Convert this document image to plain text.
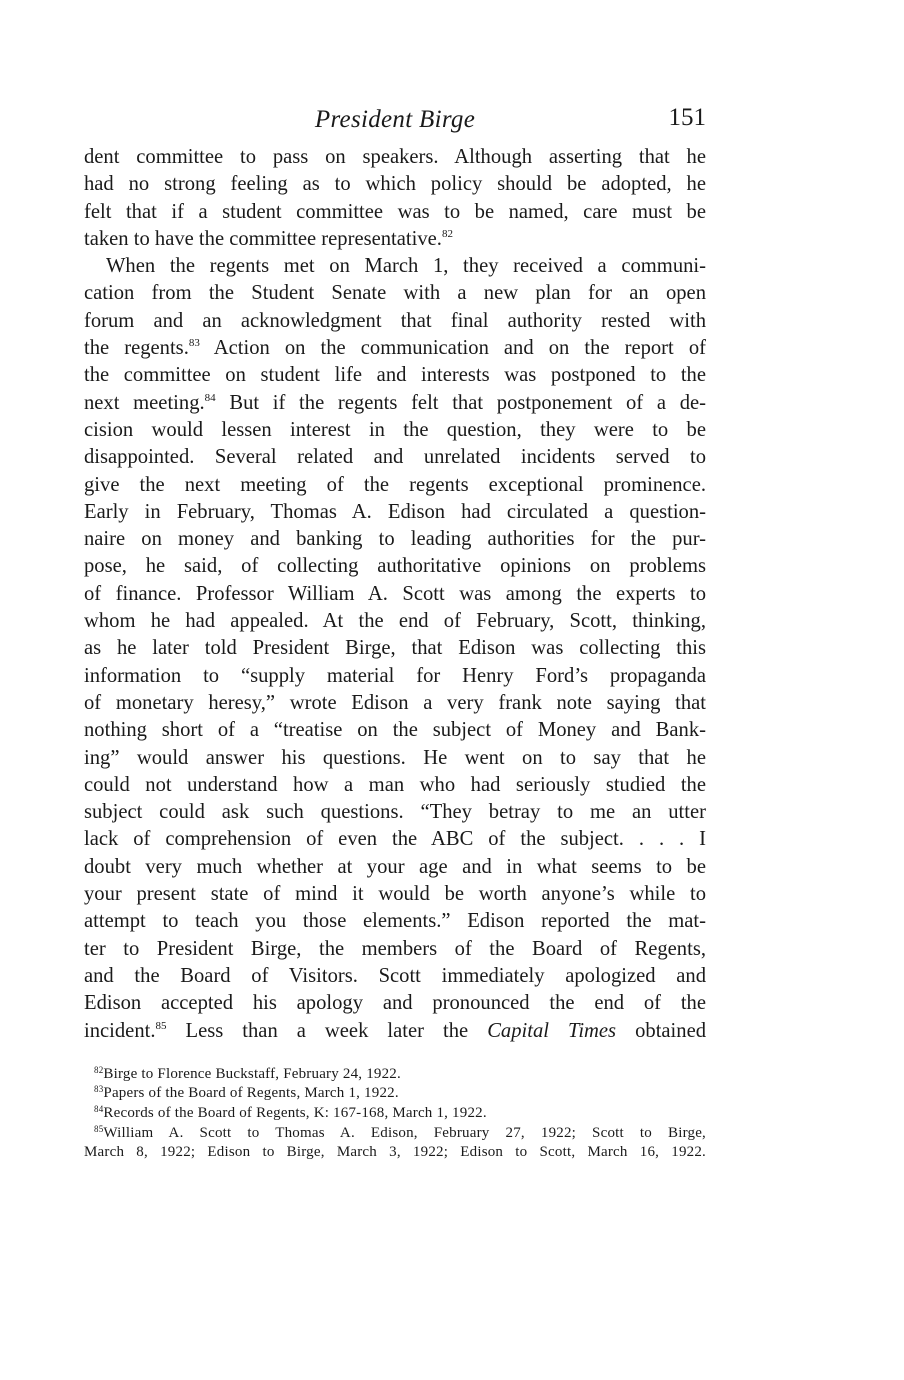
President Birge	151

dent committee to pass on speakers. Although asserting that he
had no strong feeling as to which policy should be adopted, he
felt that if a student committee was to be named, care must be
taken to have the committee representative.$^{82}$

When the regents met on March 1, they received a communi-
cation from the Student Senate with a new plan for an open
forum and an acknowledgment that final authority rested with
the regents.$^{83}$ Action on the communication and on the report of
the committee on student life and interests was postponed to the
next meeting.$^{84}$ But if the regents felt that postponement of a de-
cision would lessen interest in the question, they were to be
disappointed. Several related and unrelated incidents served to
give the next meeting of the regents exceptional prominence.
Early in February, Thomas A. Edison had circulated a question-
naire on money and banking to leading authorities for the pur-
pose, he said, of collecting authoritative opinions on problems
of finance. Professor William A. Scott was among the experts to
whom he had appealed. At the end of February, Scott, thinking,
as he later told President Birge, that Edison was collecting this
information to “supply material for Henry Ford’s propaganda
of monetary heresy,” wrote Edison a very frank note saying that
nothing short of a “treatise on the subject of Money and Bank-
ing” would answer his questions. He went on to say that he
could not understand how a man who had seriously studied the
subject could ask such questions. “They betray to me an utter
lack of comprehension of even the ABC of the subject. . . . I
doubt very much whether at your age and in what seems to be
your present state of mind it would be worth anyone’s while to
attempt to teach you those elements.” Edison reported the mat-
ter to President Birge, the members of the Board of Regents,
and the Board of Visitors. Scott immediately apologized and
Edison accepted his apology and pronounced the end of the
incident.$^{85}$ Less than a week later the Capital Times obtained

$^{82}$Birge to Florence Buckstaff, February 24, 1922.
$^{83}$Papers of the Board of Regents, March 1, 1922.
$^{84}$Records of the Board of Regents, K: 167-168, March 1, 1922.
$^{85}$William A. Scott to Thomas A. Edison, February 27, 1922; Scott to Birge,
March 8, 1922; Edison to Birge, March 3, 1922; Edison to Scott, March 16, 1922.
